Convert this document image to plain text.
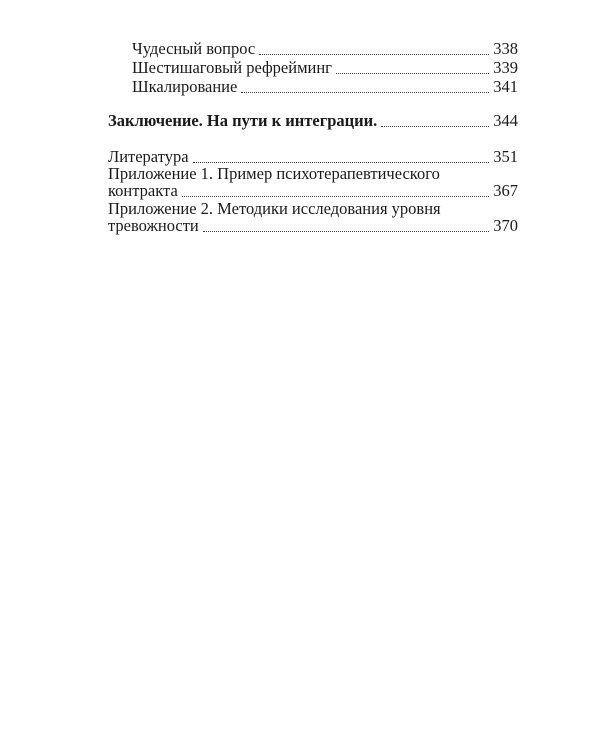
Чудесный вопрос	338
Шестишаговый рефрейминг	339
Шкалирование	341
Заключение. На пути к интеграции.	344
Литература	351
Приложение 1. Пример психотерапевтического
контракта	367
Приложение 2. Методики исследования уровня
тревожности	370
